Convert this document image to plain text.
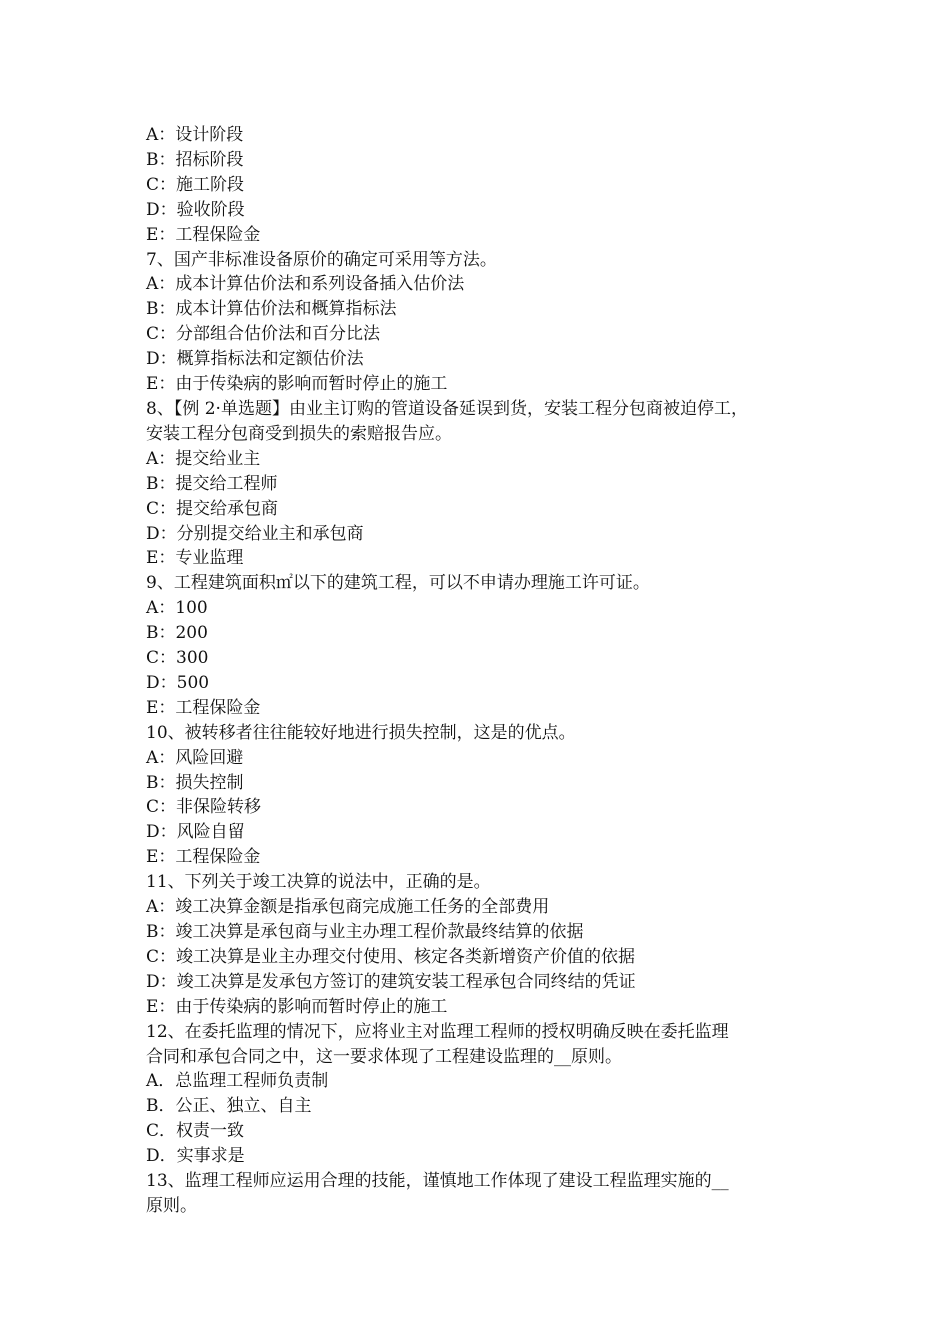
A：设计阶段
B：招标阶段
C：施工阶段
D：验收阶段
E：工程保险金
7、国产非标准设备原价的确定可采用等方法。
A：成本计算估价法和系列设备插入估价法
B：成本计算估价法和概算指标法
C：分部组合估价法和百分比法
D：概算指标法和定额估价法
E：由于传染病的影响而暂时停止的施工
8、【例 2·单选题】由业主订购的管道设备延误到货，安装工程分包商被迫停工，
安装工程分包商受到损失的索赔报告应。
A：提交给业主
B：提交给工程师
C：提交给承包商
D：分别提交给业主和承包商
E：专业监理
9、工程建筑面积㎡以下的建筑工程，可以不申请办理施工许可证。
A：100
B：200
C：300
D：500
E：工程保险金
10、被转移者往往能较好地进行损失控制，这是的优点。
A：风险回避
B：损失控制
C：非保险转移
D：风险自留
E：工程保险金
11、下列关于竣工决算的说法中，正确的是。
A：竣工决算金额是指承包商完成施工任务的全部费用
B：竣工决算是承包商与业主办理工程价款最终结算的依据
C：竣工决算是业主办理交付使用、核定各类新增资产价值的依据
D：竣工决算是发承包方签订的建筑安装工程承包合同终结的凭证
E：由于传染病的影响而暂时停止的施工
12、在委托监理的情况下，应将业主对监理工程师的授权明确反映在委托监理
合同和承包合同之中，这一要求体现了工程建设监理的__原则。
A．总监理工程师负责制
B．公正、独立、自主
C．权责一致
D．实事求是
13、监理工程师应运用合理的技能，谨慎地工作体现了建设工程监理实施的__
原则。
